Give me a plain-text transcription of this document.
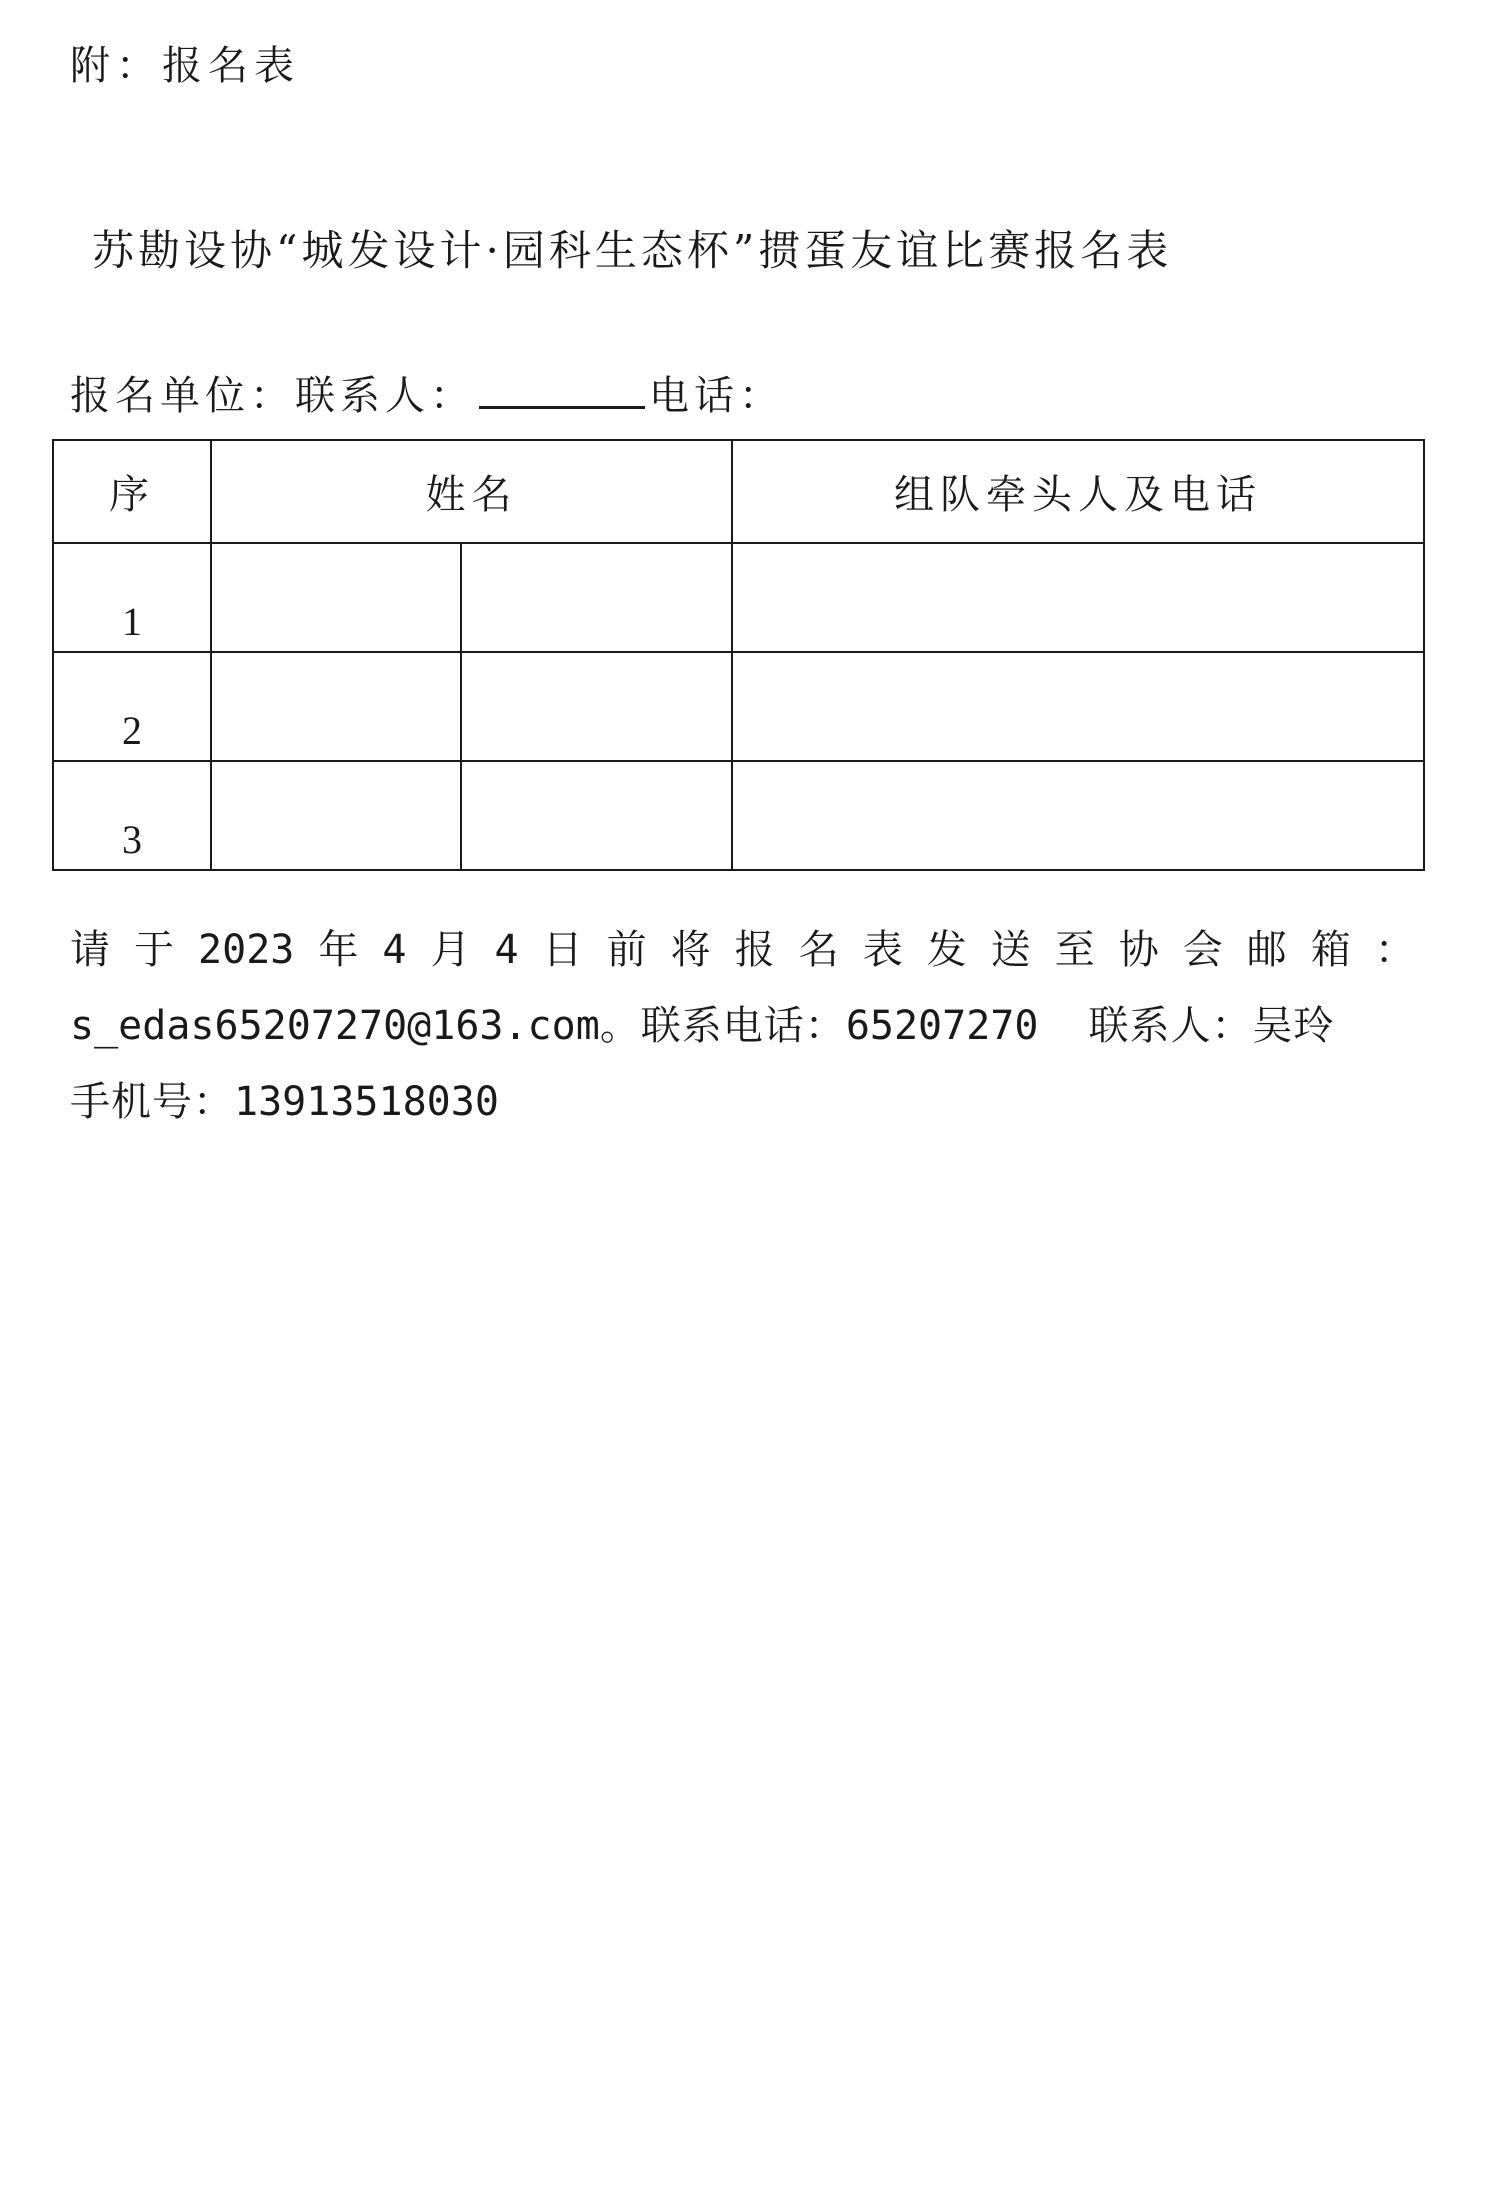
附：报名表
苏勘设协“城发设计·园科生态杯”掼蛋友谊比赛报名表
报名单位：联系人：	电话：
序	姓名		组队牵头人及电话
1			
2			
3			
请 于 2023 年 4 月 4 日 前 将 报 名 表 发 送 至 协 会 邮 箱 ：
s_edas65207270@163.com。联系电话：65207270 联系人：吴玲
手机号：13913518030
